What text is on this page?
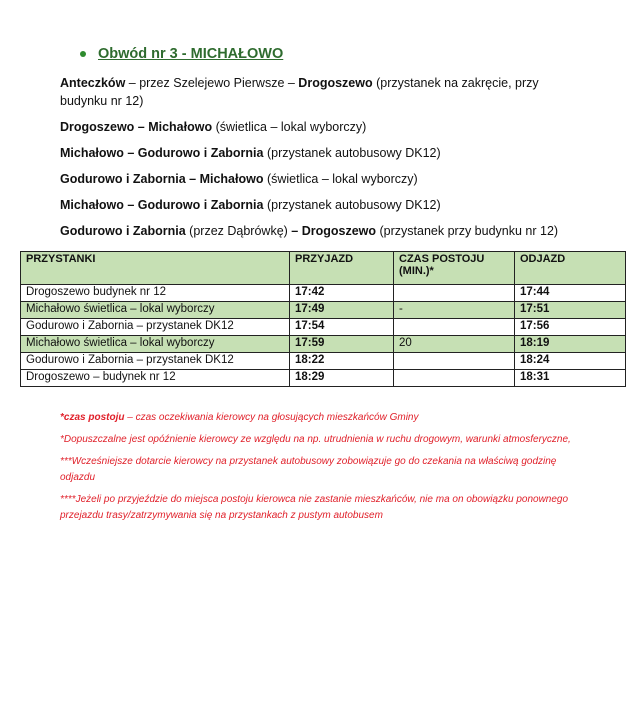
Obwód nr 3 - MICHAŁOWO
Anteczków – przez Szelejewo Pierwsze – Drogoszewo (przystanek na zakręcie, przy budynku nr 12)
Drogoszewo – Michałowo (świetlica – lokal wyborczy)
Michałowo – Godurowo i Zabornia (przystanek autobusowy DK12)
Godurowo i Zabornia – Michałowo (świetlica – lokal wyborczy)
Michałowo – Godurowo i Zabornia (przystanek autobusowy DK12)
Godurowo i Zabornia (przez Dąbrówkę) – Drogoszewo (przystanek przy budynku nr 12)
PRZYSTANKI	PRZYJAZD	CZAS POSTOJU (MIN.)*	ODJAZD
Drogoszewo budynek nr 12	17:42		17:44
Michałowo świetlica – lokal wyborczy	17:49	-	17:51
Godurowo i Zabornia – przystanek DK12	17:54		17:56
Michałowo świetlica – lokal wyborczy	17:59	20	18:19
Godurowo i Zabornia – przystanek DK12	18:22		18:24
Drogoszewo – budynek nr 12	18:29		18:31
*czas postoju – czas oczekiwania kierowcy na głosujących mieszkańców Gminy
*Dopuszczalne jest opóźnienie kierowcy ze względu na np. utrudnienia w ruchu drogowym, warunki atmosferyczne,
***Wcześniejsze dotarcie kierowcy na przystanek autobusowy zobowiązuje go do czekania na właściwą godzinę odjazdu
****Jeżeli po przyjeździe do miejsca postoju kierowca nie zastanie mieszkańców, nie ma on obowiązku ponownego przejazdu trasy/zatrzymywania się na przystankach z pustym autobusem
